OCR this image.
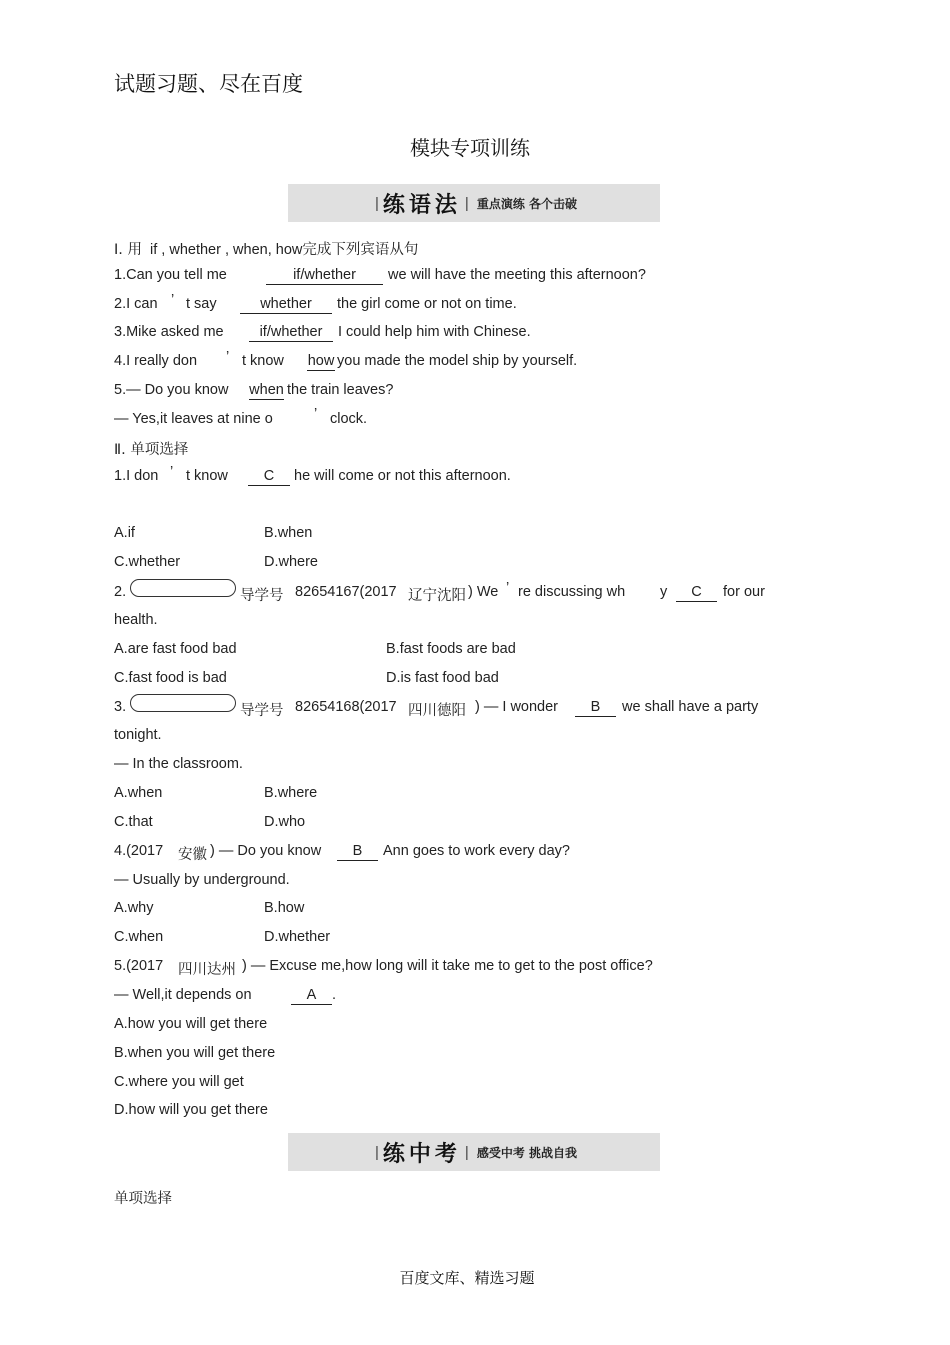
试题习题、尽在百度
模块专项训练
| 练语法 | 重点演练 各个击破
Ⅰ. 用 if , whether , when, how完成下列宾语从句
1.Can you tell me	if/whether	we will have the meeting this afternoon?
2.I can ’ t say	whether	the girl come or not on time.
3.Mike asked me	if/whether	I could help him with Chinese.
4.I really don ’ t know how you made the model ship by yourself.
5.— Do you know when the train leaves?
— Yes,it leaves at nine o	’ clock.
Ⅱ. 单项选择
1.I don ’ t know	C	he will come or not this afternoon.
A.if	B.when
C.whether	D.where
2.	导学号 82654167(2017 辽宁沈阳 ) We ’ re discussing wh y	C	for our
health.
A.are fast food bad	B.fast foods are bad
C.fast food is bad	D.is fast food bad
3.	导学号 82654168(2017 四川德阳 ) — I wonder	B	we shall have a party
tonight.
— In the classroom.
A.when	B.where
C.that	D.who
4.(2017 安徽 ) — Do you know	B	Ann goes to work every day?
— Usually by underground.
A.why	B.how
C.when	D.whether
5.(2017 四川达州 ) — Excuse me,how long will it take me to get to the post office?
— Well,it depends on	A	.
A.how you will get there
B.when you will get there
C.where you will get
D.how will you get there
| 练中考 | 感受中考 挑战自我
单项选择
百度文库、精选习题
